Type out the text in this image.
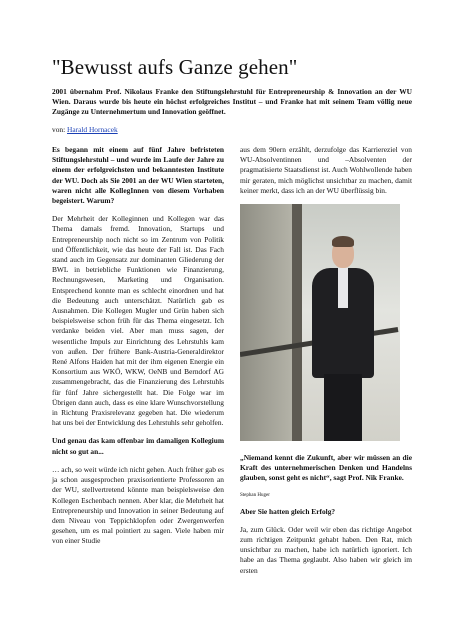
"Bewusst aufs Ganze gehen"

2001 übernahm Prof. Nikolaus Franke den Stiftungslehrstuhl für Entrepreneurship & Innovation an der WU Wien. Daraus wurde bis heute ein höchst erfolgreiches Institut – und Franke hat mit seinem Team völlig neue Zugänge zu Unternehmertum und Innovation geöffnet.

von: Harald Hornacek

Es begann mit einem auf fünf Jahre befristeten Stiftungslehrstuhl – und wurde im Laufe der Jahre zu einem der erfolgreichsten und bekanntesten Institute der WU. Doch als Sie 2001 an der WU Wien starteten, waren nicht alle KollegInnen von diesem Vorhaben begeistert. Warum?

Der Mehrheit der Kolleginnen und Kollegen war das Thema damals fremd. Innovation, Startups und Entrepreneurship noch nicht so im Zentrum von Politik und Öffentlichkeit, wie das heute der Fall ist. Das Fach stand auch im Gegensatz zur dominanten Gliederung der BWL in betriebliche Funktionen wie Finanzierung, Rechnungswesen, Marketing und Organisation. Entsprechend konnte man es schlecht einordnen und hat die Bedeutung auch unterschätzt. Natürlich gab es Ausnahmen. Die Kollegen Mugler und Grün haben sich beispielsweise schon früh für das Thema eingesetzt. Ich verdanke beiden viel. Aber man muss sagen, der wesentliche Impuls zur Einrichtung des Lehrstuhls kam von außen. Der frühere Bank-Austria-Generaldirektor René Alfons Haiden hat mit der ihm eigenen Energie ein Konsortium aus WKÖ, WKW, OeNB und Berndorf AG zusammengebracht, das die Finanzierung des Lehrstuhls für fünf Jahre sichergestellt hat. Die Folge war im Übrigen dann auch, dass es eine klare Wunschvorstellung in Richtung Praxisrelevanz gegeben hat. Die wiederum hat uns bei der Entwicklung des Lehrstuhls sehr geholfen.

Und genau das kam offenbar im damaligen Kollegium nicht so gut an...

… ach, so weit würde ich nicht gehen. Auch früher gab es ja schon ausgesprochen praxisorientierte Professoren an der WU, stellvertretend könnte man beispielsweise den Kollegen Eschenbach nennen. Aber klar, die Mehrheit hat Entrepreneurship und Innovation in seiner Bedeutung auf dem Niveau von Teppichklopfen oder Zwergenwerfen gesehen, um es mal pointiert zu sagen. Viele haben mir von einer Studie

aus dem 90ern erzählt, derzufolge das Karriereziel von WU-Absolventinnen und –Absolventen der pragmatisierte Staatsdienst ist. Auch Wohlwollende haben mir geraten, mich möglichst unsichtbar zu machen, damit keiner merkt, dass ich an der WU überflüssig bin.

„Niemand kennt die Zukunft, aber wir müssen an die Kraft des unternehmerischen Denken und Handelns glauben, sonst geht es nicht“, sagt Prof. Nik Franke.

Stephan Huger

Aber Sie hatten gleich Erfolg?

Ja, zum Glück. Oder weil wir eben das richtige Angebot zum richtigen Zeitpunkt gehabt haben. Den Rat, mich unsichtbar zu machen, habe ich natürlich ignoriert. Ich habe an das Thema geglaubt. Also haben wir gleich im ersten
